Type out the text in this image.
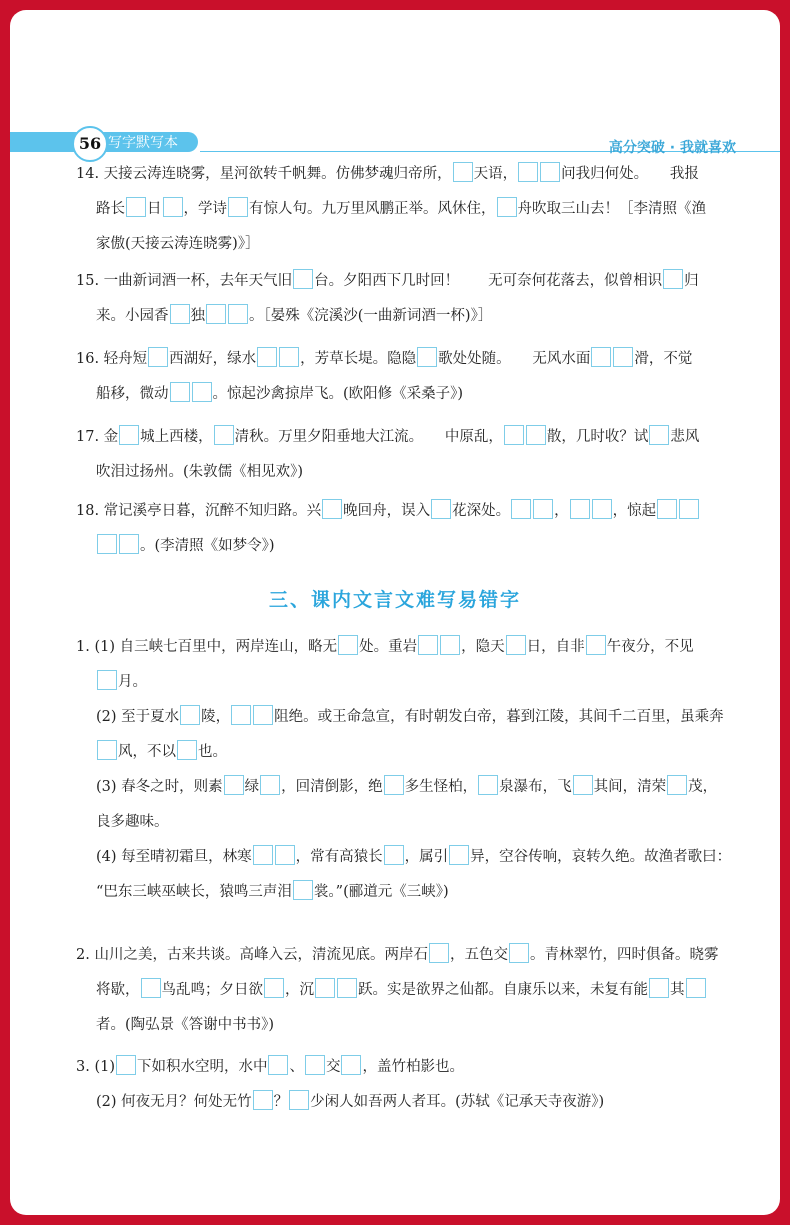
56 写字默写本	高分突破 · 我就喜欢

14. 天接云涛连晓雾，星河欲转千帆舞。仿佛梦魂归帝所， 天语，	问我归何处。　　我报

路长 日 ，学诗 有惊人句。九万里风鹏正举。风休住， 舟吹取三山去！［李清照《渔

家傲(天接云涛连晓雾)》］

15. 一曲新词酒一杯，去年天气旧 台。夕阳西下几时回！　　无可奈何花落去，似曾相识 归

来。小园香 独	。［晏殊《浣溪沙(一曲新词酒一杯)》］

16. 轻舟短 西湖好，绿水	，芳草长堤。隐隐 歌处处随。　　无风水面	滑，不觉

船移，微动	。惊起沙禽掠岸飞。(欧阳修《采桑子》)

17. 金 城上西楼， 清秋。万里夕阳垂地大江流。　　中原乱，	散，几时收？试 悲风

吹泪过扬州。(朱敦儒《相见欢》)

18. 常记溪亭日暮，沉醉不知归路。兴 晚回舟，误入 花深处。	，	，惊起

。(李清照《如梦令》)

三、课内文言文难写易错字

1. (1) 自三峡七百里中，两岸连山，略无 处。重岩	，隐天 日，自非 午夜分，不见

月。

(2) 至于夏水 陵，	阻绝。或王命急宣，有时朝发白帝，暮到江陵，其间千二百里，虽乘奔

风，不以 也。

(3) 春冬之时，则素 绿 ，回清倒影，绝 多生怪柏， 泉瀑布，飞 其间，清荣 茂，

良多趣味。

(4) 每至晴初霜旦，林寒	，常有高猿长 ，属引 异，空谷传响，哀转久绝。故渔者歌曰：

“巴东三峡巫峡长，猿鸣三声泪 裳。”(郦道元《三峡》)

2. 山川之美，古来共谈。高峰入云，清流见底。两岸石 ，五色交 。青林翠竹，四时俱备。晓雾

将歇， 鸟乱鸣；夕日欲 ，沉	跃。实是欲界之仙都。自康乐以来，未复有能 其

者。(陶弘景《答谢中书书》)

3. (1) 下如积水空明，水中 、 交 ，盖竹柏影也。

(2) 何夜无月？何处无竹 ？ 少闲人如吾两人者耳。(苏轼《记承天寺夜游》)
